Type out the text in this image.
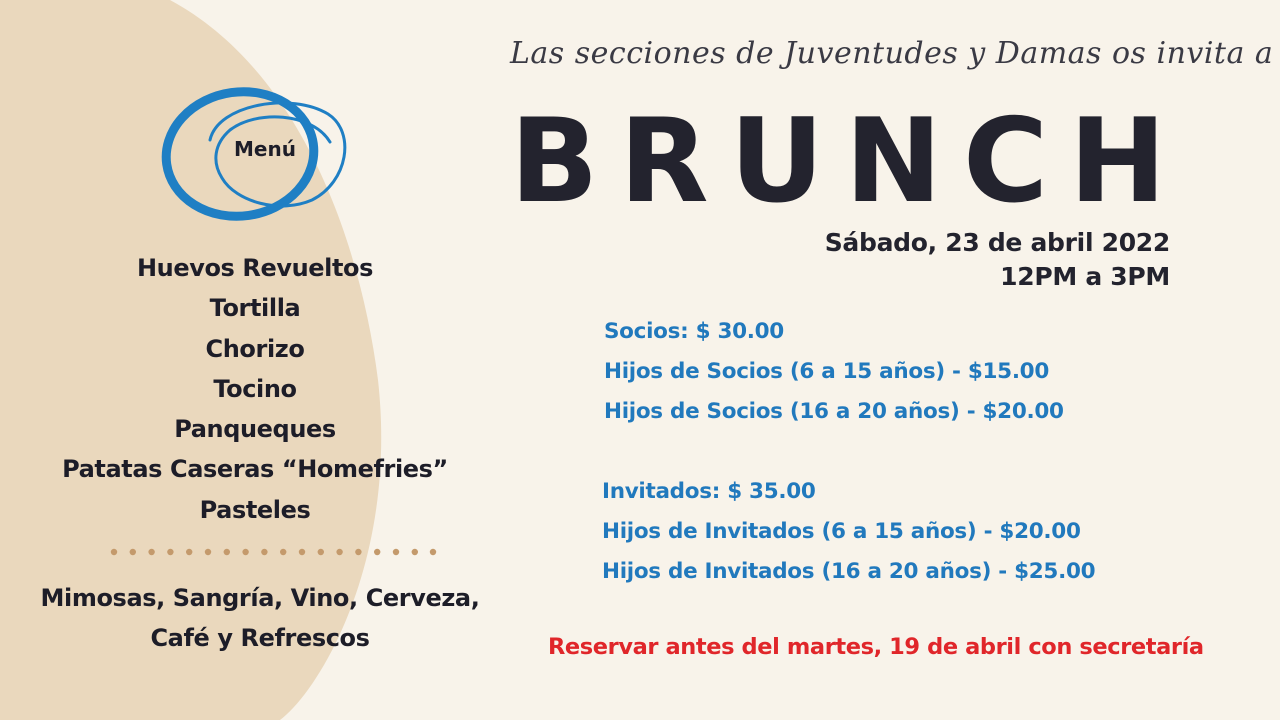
Menú
Huevos Revueltos
Tortilla
Chorizo
Tocino
Panqueques
Patatas Caseras “Homefries”
Pasteles
Mimosas, Sangría, Vino, Cerveza,
Café y Refrescos
Las secciones de Juventudes y Damas os invita a
BRUNCH
Sábado, 23 de abril 2022
12PM a 3PM
Socios: $ 30.00
Hijos de Socios (6 a 15 años) - $15.00
Hijos de Socios (16 a 20 años) - $20.00
Invitados: $ 35.00
Hijos de Invitados (6 a 15 años) - $20.00
Hijos de Invitados (16 a 20 años) - $25.00
Reservar antes del martes, 19 de abril con secretaría
